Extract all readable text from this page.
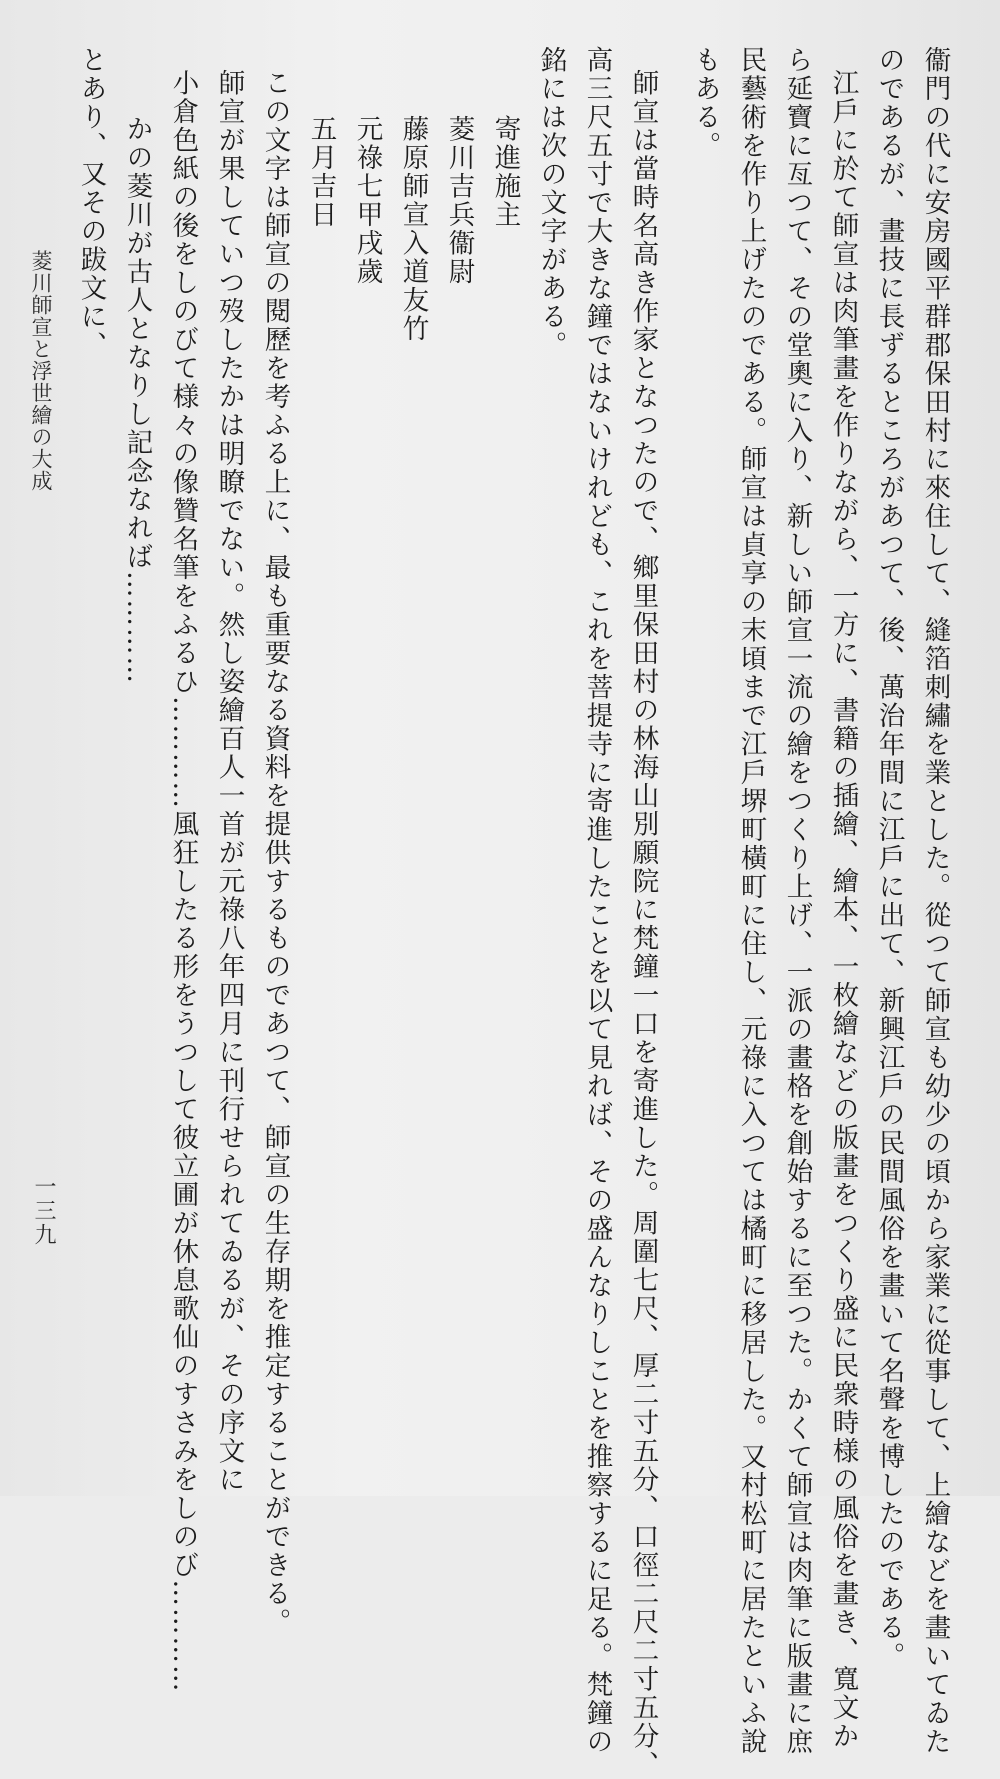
衞門の代に安房國平群郡保田村に來住して、縫箔刺繡を業とした。從つて師宣も幼少の頃から家業に從事して、上繪などを畫いてゐた
のであるが、畫技に長ずるところがあつて、後、萬治年間に江戶に出て、新興江戶の民間風俗を畫いて名聲を博したのである。
江戶に於て師宣は肉筆畫を作りながら、一方に、書籍の插繪、繪本、一枚繪などの版畫をつくり盛に民衆時様の風俗を畫き、寬文か
ら延寶に亙つて、その堂奧に入り、新しい師宣一流の繪をつくり上げ、一派の畫格を創始するに至つた。かくて師宣は肉筆に版畫に庶
民藝術を作り上げたのである。師宣は貞享の末頃まで江戶堺町橫町に住し、元祿に入つては橘町に移居した。又村松町に居たといふ說
もある。
師宣は當時名高き作家となつたので、鄉里保田村の林海山別願院に梵鐘一口を寄進した。周圍七尺、厚二寸五分、口徑二尺二寸五分、
高三尺五寸で大きな鐘ではないけれども、これを菩提寺に寄進したことを以て見れば、その盛んなりしことを推察するに足る。梵鐘の
銘には次の文字がある。
寄進施主
菱川吉兵衞尉
藤原師宣入道友竹
元祿七甲戌歲
五月吉日
この文字は師宣の閱歷を考ふる上に、最も重要なる資料を提供するものであつて、師宣の生存期を推定することができる。
師宣が果していつ歿したかは明瞭でない。然し姿繪百人一首が元祿八年四月に刊行せられてゐるが、その序文に
小倉色紙の後をしのびて様々の像贊名筆をふるひ…………風狂したる形をうつして彼立圃が休息歌仙のすさみをしのび…………
かの菱川が古人となりし記念なれば…………
とあり、又その跋文に、
菱川師宣と浮世繪の大成
一三九
